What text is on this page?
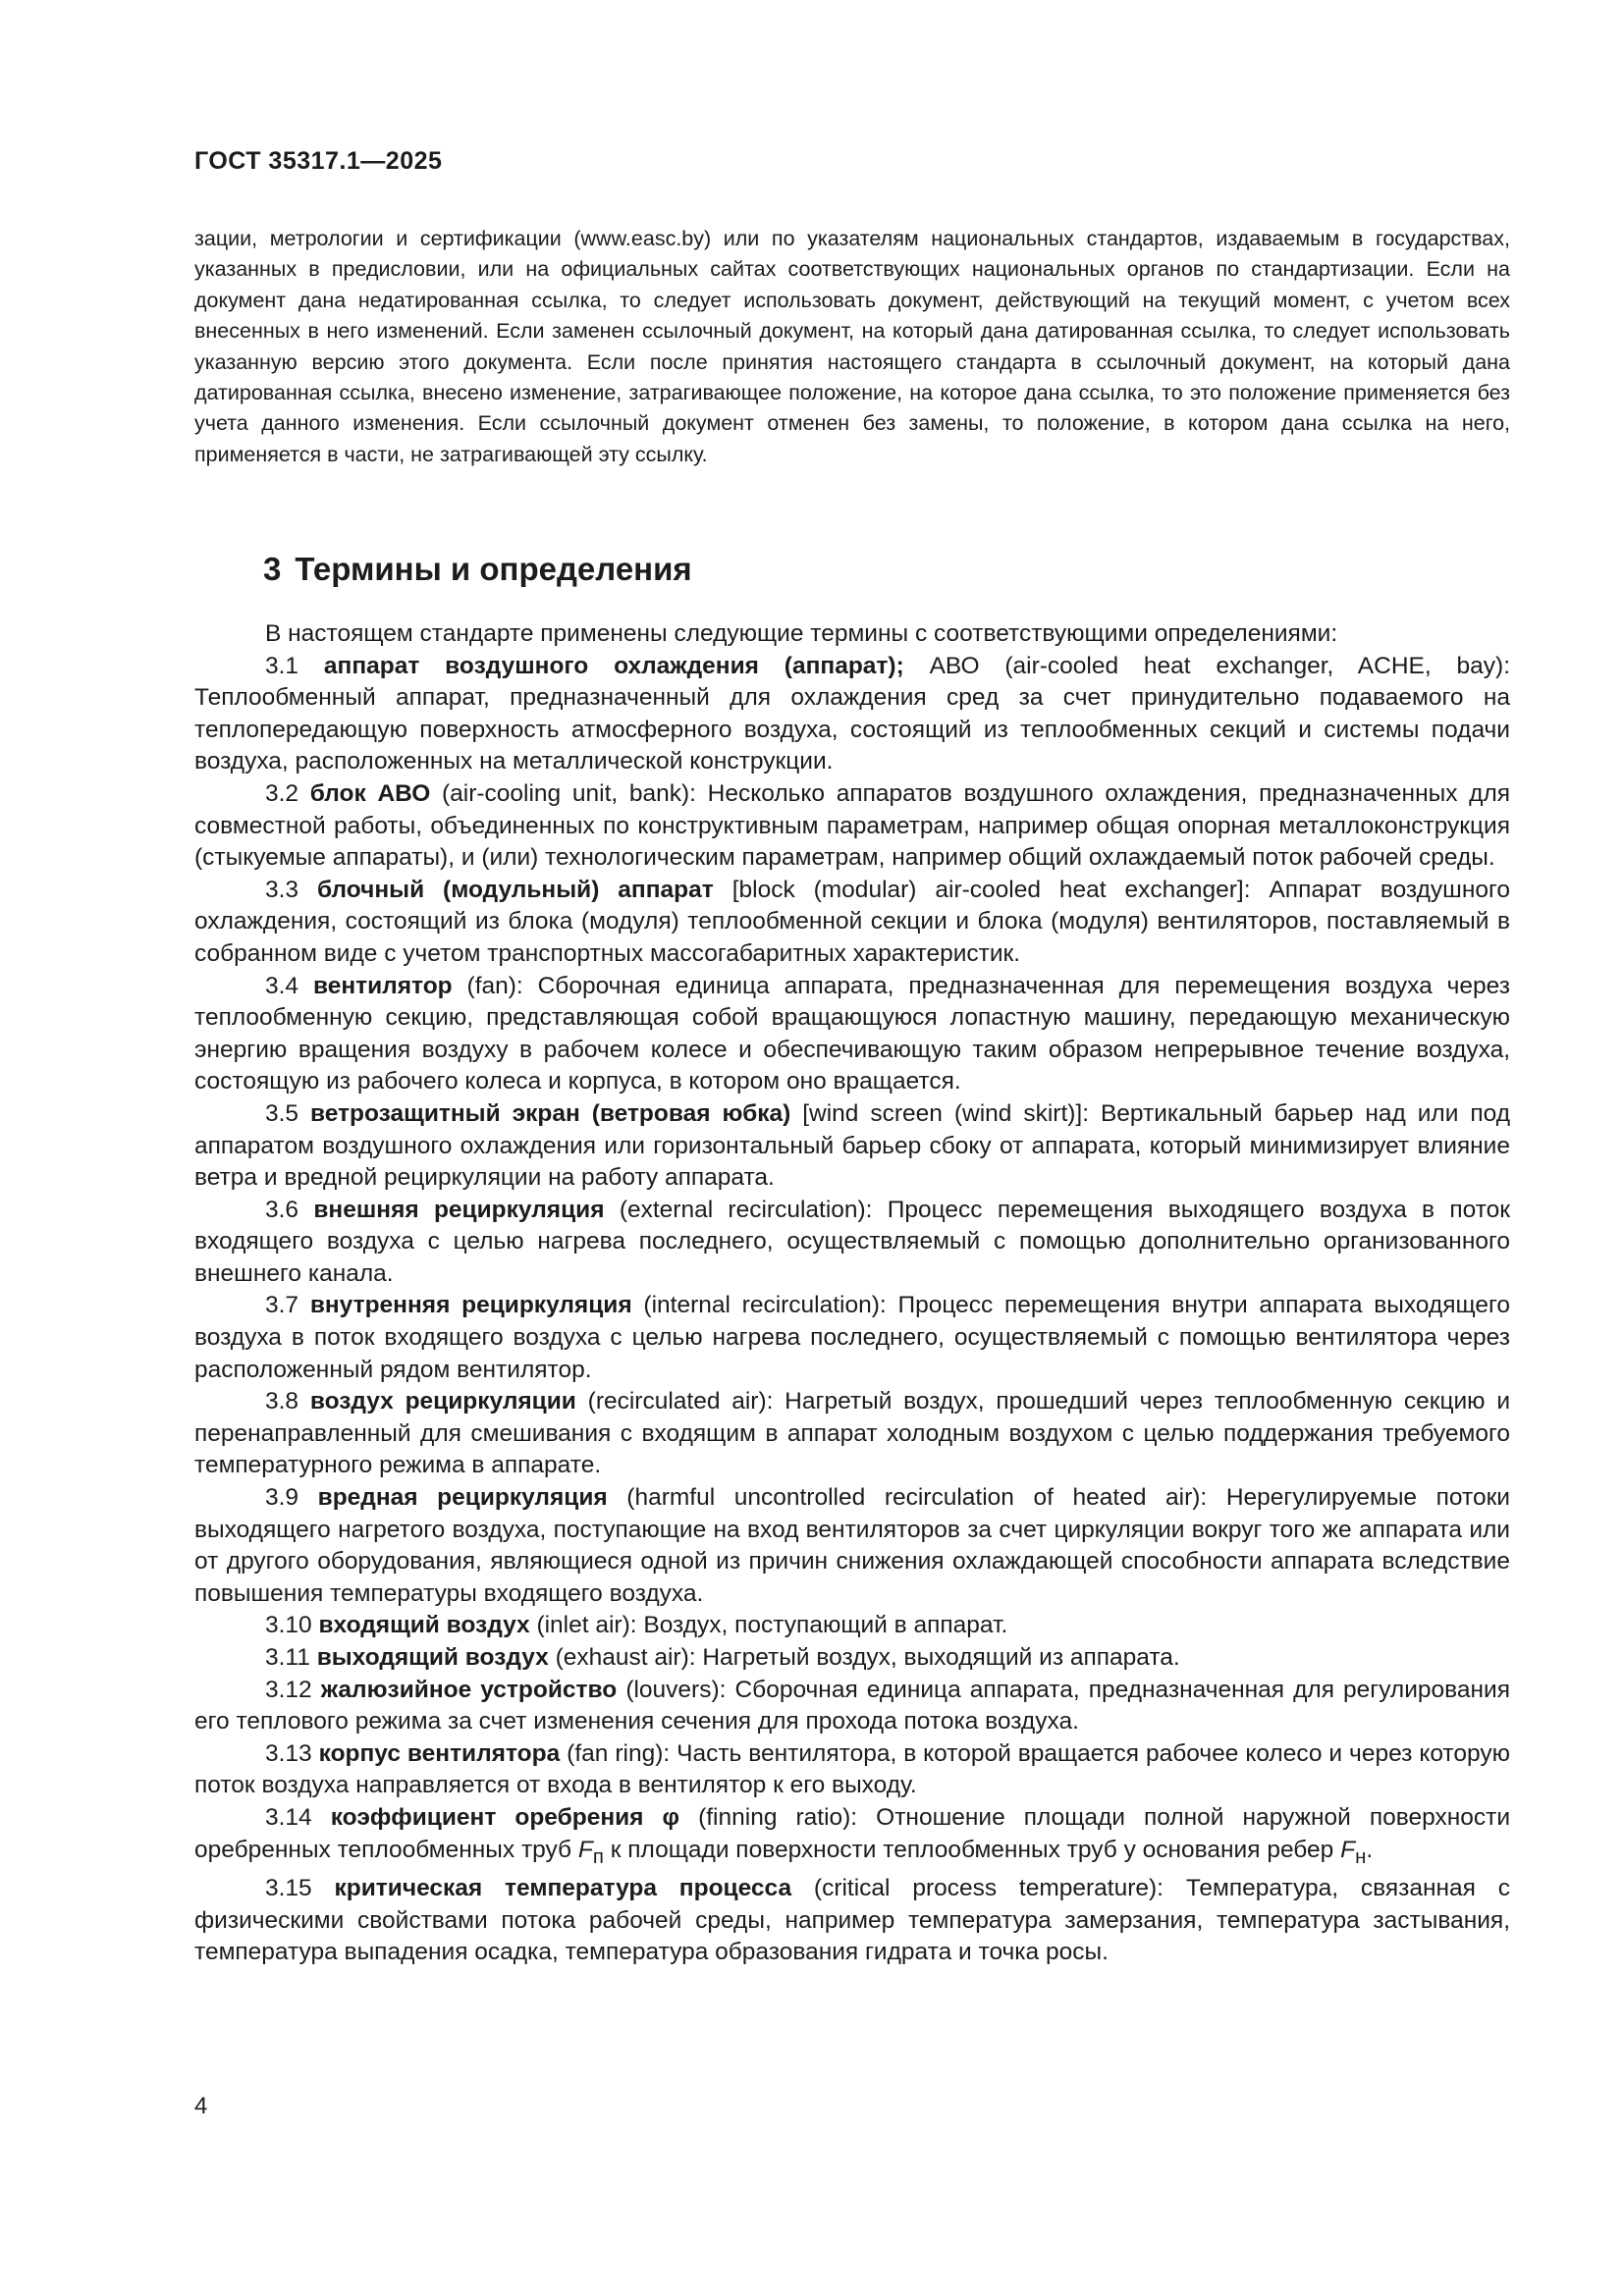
ГОСТ 35317.1—2025
зации, метрологии и сертификации (www.easc.by) или по указателям национальных стандартов, издаваемым в государствах, указанных в предисловии, или на официальных сайтах соответствующих национальных органов по стандартизации. Если на документ дана недатированная ссылка, то следует использовать документ, действующий на текущий момент, с учетом всех внесенных в него изменений. Если заменен ссылочный документ, на который дана датированная ссылка, то следует использовать указанную версию этого документа. Если после принятия настоящего стандарта в ссылочный документ, на который дана датированная ссылка, внесено изменение, затрагивающее положение, на которое дана ссылка, то это положение применяется без учета данного изменения. Если ссылочный документ отменен без замены, то положение, в котором дана ссылка на него, применяется в части, не затрагивающей эту ссылку.
3 Термины и определения

В настоящем стандарте применены следующие термины с соответствующими определениями:

3.1 аппарат воздушного охлаждения (аппарат); АВО (air-cooled heat exchanger, ACHE, bay): Теплообменный аппарат, предназначенный для охлаждения сред за счет принудительно подаваемого на теплопередающую поверхность атмосферного воздуха, состоящий из теплообменных секций и системы подачи воздуха, расположенных на металлической конструкции.

3.2 блок АВО (air-cooling unit, bank): Несколько аппаратов воздушного охлаждения, предназначенных для совместной работы, объединенных по конструктивным параметрам, например общая опорная металлоконструкция (стыкуемые аппараты), и (или) технологическим параметрам, например общий охлаждаемый поток рабочей среды.

3.3 блочный (модульный) аппарат [block (modular) air-cooled heat exchanger]: Аппарат воздушного охлаждения, состоящий из блока (модуля) теплообменной секции и блока (модуля) вентиляторов, поставляемый в собранном виде с учетом транспортных массогабаритных характеристик.

3.4 вентилятор (fan): Сборочная единица аппарата, предназначенная для перемещения воздуха через теплообменную секцию, представляющая собой вращающуюся лопастную машину, передающую механическую энергию вращения воздуху в рабочем колесе и обеспечивающую таким образом непрерывное течение воздуха, состоящую из рабочего колеса и корпуса, в котором оно вращается.

3.5 ветрозащитный экран (ветровая юбка) [wind screen (wind skirt)]: Вертикальный барьер над или под аппаратом воздушного охлаждения или горизонтальный барьер сбоку от аппарата, который минимизирует влияние ветра и вредной рециркуляции на работу аппарата.

3.6 внешняя рециркуляция (external recirculation): Процесс перемещения выходящего воздуха в поток входящего воздуха с целью нагрева последнего, осуществляемый с помощью дополнительно организованного внешнего канала.

3.7 внутренняя рециркуляция (internal recirculation): Процесс перемещения внутри аппарата выходящего воздуха в поток входящего воздуха с целью нагрева последнего, осуществляемый с помощью вентилятора через расположенный рядом вентилятор.

3.8 воздух рециркуляции (recirculated air): Нагретый воздух, прошедший через теплообменную секцию и перенаправленный для смешивания с входящим в аппарат холодным воздухом с целью поддержания требуемого температурного режима в аппарате.

3.9 вредная рециркуляция (harmful uncontrolled recirculation of heated air): Нерегулируемые потоки выходящего нагретого воздуха, поступающие на вход вентиляторов за счет циркуляции вокруг того же аппарата или от другого оборудования, являющиеся одной из причин снижения охлаждающей способности аппарата вследствие повышения температуры входящего воздуха.

3.10 входящий воздух (inlet air): Воздух, поступающий в аппарат.

3.11 выходящий воздух (exhaust air): Нагретый воздух, выходящий из аппарата.

3.12 жалюзийное устройство (louvers): Сборочная единица аппарата, предназначенная для регулирования его теплового режима за счет изменения сечения для прохода потока воздуха.

3.13 корпус вентилятора (fan ring): Часть вентилятора, в которой вращается рабочее колесо и через которую поток воздуха направляется от входа в вентилятор к его выходу.

3.14 коэффициент оребрения φ (finning ratio): Отношение площади полной наружной поверхности оребренных теплообменных труб $F_п$ к площади поверхности теплообменных труб у основания ребер $F_н$.

3.15 критическая температура процесса (critical process temperature): Температура, связанная с физическими свойствами потока рабочей среды, например температура замерзания, температура застывания, температура выпадения осадка, температура образования гидрата и точка росы.

4
